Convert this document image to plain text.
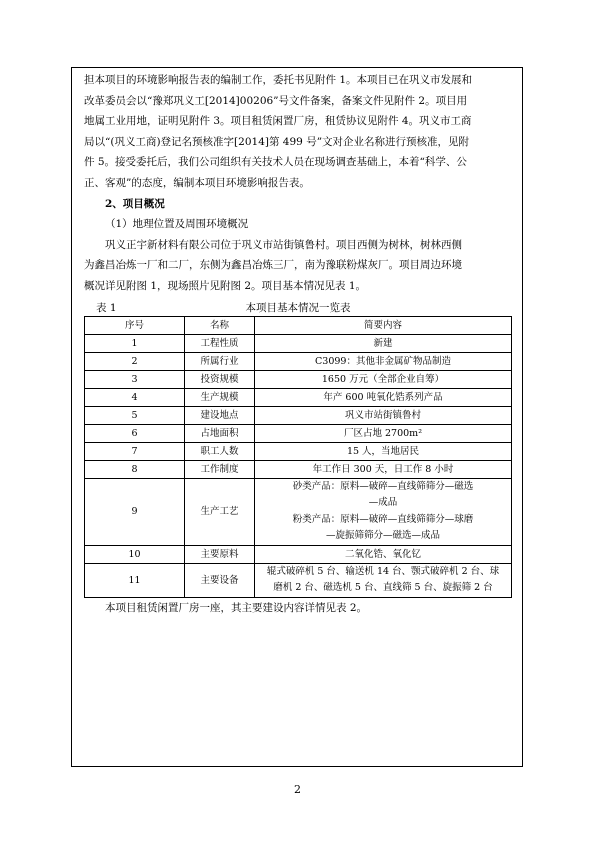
担本项目的环境影响报告表的编制工作，委托书见附件 1。本项目已在巩义市发展和

改革委员会以“豫郑巩义工[2014]00206”号文件备案，备案文件见附件 2。项目用

地属工业用地，证明见附件 3。项目租赁闲置厂房，租赁协议见附件 4。巩义市工商

局以“(巩义工商)登记名预核准字[2014]第 499 号”文对企业名称进行预核准，见附

件 5。接受委托后，我们公司组织有关技术人员在现场调查基础上，本着“科学、公

正、客观”的态度，编制本项目环境影响报告表。

2、项目概况

（1）地理位置及周围环境概况

巩义正宇新材料有限公司位于巩义市站街镇鲁村。项目西侧为树林，树林西侧

为鑫昌冶炼一厂和二厂，东侧为鑫昌冶炼三厂，南为豫联粉煤灰厂。项目周边环境

概况详见附图 1，现场照片见附图 2。项目基本情况见表 1。

表 1	本项目基本情况一览表
序号	名称	简要内容
1	工程性质	新建
2	所属行业	C3099：其他非金属矿物品制造
3	投资规模	1650 万元（全部企业自筹）
4	生产规模	年产 600 吨氧化锆系列产品
5	建设地点	巩义市站街镇鲁村
6	占地面积	厂区占地 2700m²
7	职工人数	15 人，当地居民
8	工作制度	年工作日 300 天，日工作 8 小时
9	生产工艺	砂类产品：原料—破碎—直线筛筛分—磁选
—成品
粉类产品：原料—破碎—直线筛筛分—球磨
—旋振筛筛分—磁选—成品

10	主要原料	二氧化锆、氧化钇
11	主要设备	辊式破碎机 5 台、输送机 14 台、颚式破碎机 2 台、球
磨机 2 台、磁选机 5 台、直线筛 5 台、旋振筛 2 台

本项目租赁闲置厂房一座，其主要建设内容详情见表 2。

2
